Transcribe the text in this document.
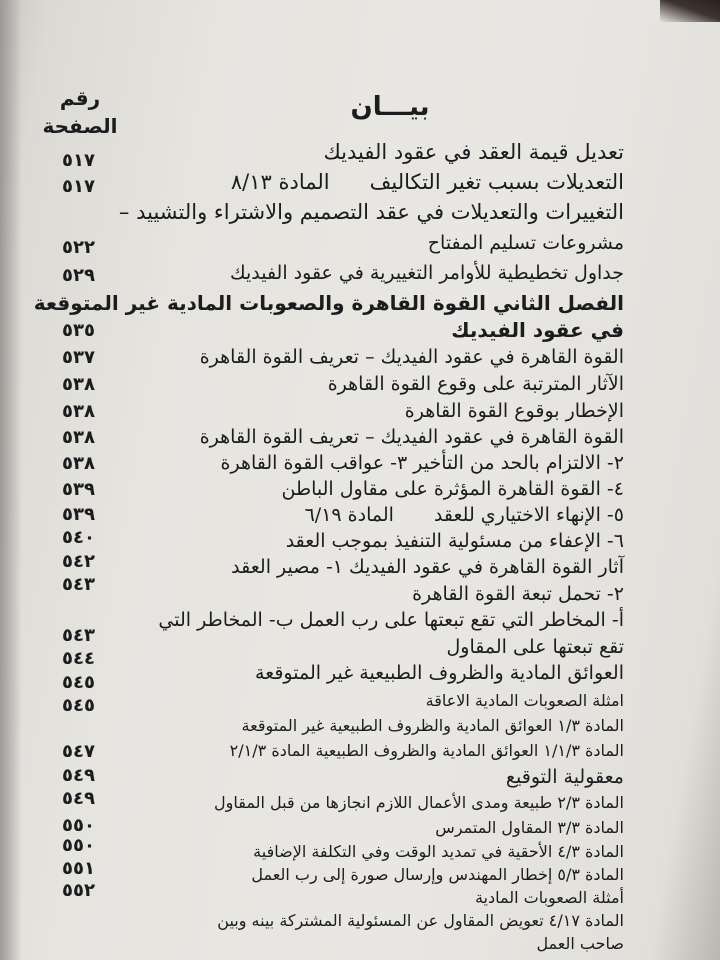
بيـــان
رقم
الصفحة
تعديل قيمة العقد في عقود الفيديك
٥١٧
التعديلات بسبب تغير التكاليفالمادة ٨/١٣
٥١٧
التغييرات والتعديلات في عقد التصميم والاشتراء والتشييد –
مشروعات تسليم المفتاح
٥٢٢
جداول تخطيطية للأوامر التغييرية في عقود الفيديك
٥٢٩
الفصل الثاني القوة القاهرة والصعوبات المادية غير المتوقعة
في عقود الفيديك
٥٣٥
القوة القاهرة في عقود الفيديك – تعريف القوة القاهرة
٥٣٧
الآثار المترتبة على وقوع القوة القاهرة
٥٣٨
الإخطار بوقوع القوة القاهرة
٥٣٨
القوة القاهرة في عقود الفيديك – تعريف القوة القاهرة
٥٣٨
٢- الالتزام بالحد من التأخير ٣- عواقب القوة القاهرة
٥٣٨
٤- القوة القاهرة المؤثرة على مقاول الباطن
٥٣٩
٥- الإنهاء الاختياري للعقدالمادة ٦/١٩
٥٣٩
٦- الإعفاء من مسئولية التنفيذ بموجب العقد
٥٤٠
آثار القوة القاهرة في عقود الفيديك ١- مصير العقد
٥٤٢
٢- تحمل تبعة القوة القاهرة
٥٤٣
أ- المخاطر التي تقع تبعتها على رب العمل ب- المخاطر التي
تقع تبعتها على المقاول
٥٤٣
العوائق المادية والظروف الطبيعية غير المتوقعة
٥٤٤
امثلة الصعوبات المادية الاعاقة
٥٤٥
المادة ١/٣ العوائق المادية والظروف الطبيعية غير المتوقعة
٥٤٥
المادة ١/١/٣ العوائق المادية والظروف الطبيعية المادة ٢/١/٣
معقولية التوقيع
٥٤٧
المادة ٢/٣ طبيعة ومدى الأعمال اللازم انجازها من قبل المقاول
٥٤٩
المادة ٣/٣ المقاول المتمرس
٥٤٩
المادة ٤/٣ الأحقية في تمديد الوقت وفي التكلفة الإضافية
٥٥٠
المادة ٥/٣ إخطار المهندس وإرسال صورة إلى رب العمل
٥٥٠
أمثلة الصعوبات المادية
٥٥١
المادة ٤/١٧ تعويض المقاول عن المسئولية المشتركة بينه وبين
٥٥٢
صاحب العمل
